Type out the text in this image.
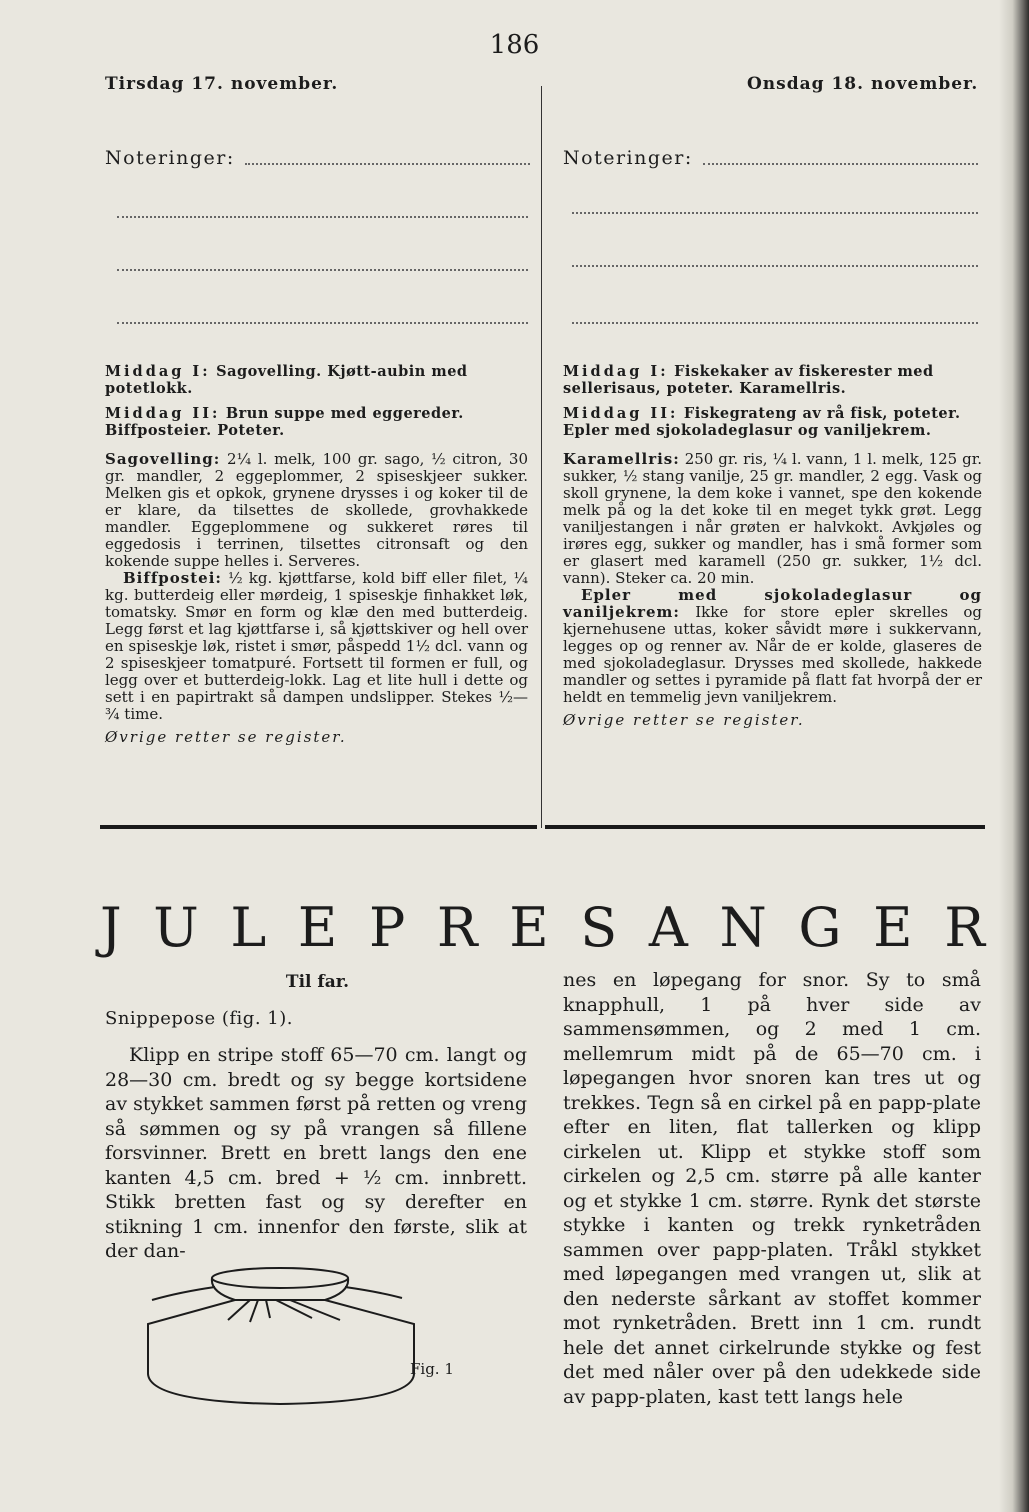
186
Tirsdag 17. november.	Onsdag 18. november.
Noteringer:	Noteringer:
Middag I: Sagovelling. Kjøtt-aubin med potetlokk.
Middag II: Brun suppe med eggereder. Biffposteier. Poteter.
Sagovelling: 2¼ l. melk, 100 gr. sago, ½ citron, 30 gr. mandler, 2 eggeplommer, 2 spiseskjeer sukker. Melken gis et opkok, grynene drysses i og koker til de er klare, da tilsettes de skollede, grovhakkede mandler. Eggeplommene og sukkeret røres til eggedosis i terrinen, tilsettes citronsaft og den kokende suppe helles i. Serveres.
Biffpostei: ½ kg. kjøttfarse, kold biff eller filet, ¼ kg. butterdeig eller mørdeig, 1 spiseskje finhakket løk, tomatsky. Smør en form og klæ den med butterdeig. Legg først et lag kjøttfarse i, så kjøttskiver og hell over en spiseskje løk, ristet i smør, påspedd 1½ dcl. vann og 2 spiseskjeer tomatpuré. Fortsett til formen er full, og legg over et butterdeig-lokk. Lag et lite hull i dette og sett i en papirtrakt så dampen undslipper. Stekes ½—¾ time.
Øvrige retter se register.
Middag I: Fiskekaker av fiskerester med sellerisaus, poteter. Karamellris.
Middag II: Fiskegrateng av rå fisk, poteter. Epler med sjokoladeglasur og vaniljekrem.
Karamellris: 250 gr. ris, ¼ l. vann, 1 l. melk, 125 gr. sukker, ½ stang vanilje, 25 gr. mandler, 2 egg. Vask og skoll grynene, la dem koke i vannet, spe den kokende melk på og la det koke til en meget tykk grøt. Legg vaniljestangen i når grøten er halvkokt. Avkjøles og irøres egg, sukker og mandler, has i små former som er glasert med karamell (250 gr. sukker, 1½ dcl. vann). Steker ca. 20 min.
Epler med sjokoladeglasur og vaniljekrem: Ikke for store epler skrelles og kjernehusene uttas, koker såvidt møre i sukkervann, legges op og renner av. Når de er kolde, glaseres de med sjokoladeglasur. Drysses med skollede, hakkede mandler og settes i pyramide på flatt fat hvorpå der er heldt en temmelig jevn vaniljekrem.
Øvrige retter se register.
J U L E P R E S A N G E R
Til far.
Snippepose (fig. 1).
Klipp en stripe stoff 65—70 cm. langt og 28—30 cm. bredt og sy begge kortsidene av stykket sammen først på retten og vreng så sømmen og sy på vrangen så fillene forsvinner. Brett en brett langs den ene kanten 4,5 cm. bred + ½ cm. innbrett. Stikk bretten fast og sy derefter en stikning 1 cm. innenfor den første, slik at der dan-
Fig. 1
nes en løpegang for snor. Sy to små knapphull, 1 på hver side av sammensømmen, og 2 med 1 cm. mellemrum midt på de 65—70 cm. i løpegangen hvor snoren kan tres ut og trekkes. Tegn så en cirkel på en papp-plate efter en liten, flat tallerken og klipp cirkelen ut. Klipp et stykke stoff som cirkelen og 2,5 cm. større på alle kanter og et stykke 1 cm. større. Rynk det største stykke i kanten og trekk rynketråden sammen over papp-platen. Tråkl stykket med løpegangen med vrangen ut, slik at den nederste sårkant av stoffet kommer mot rynketråden. Brett inn 1 cm. rundt hele det annet cirkelrunde stykke og fest det med nåler over på den udekkede side av papp-platen, kast tett langs hele
